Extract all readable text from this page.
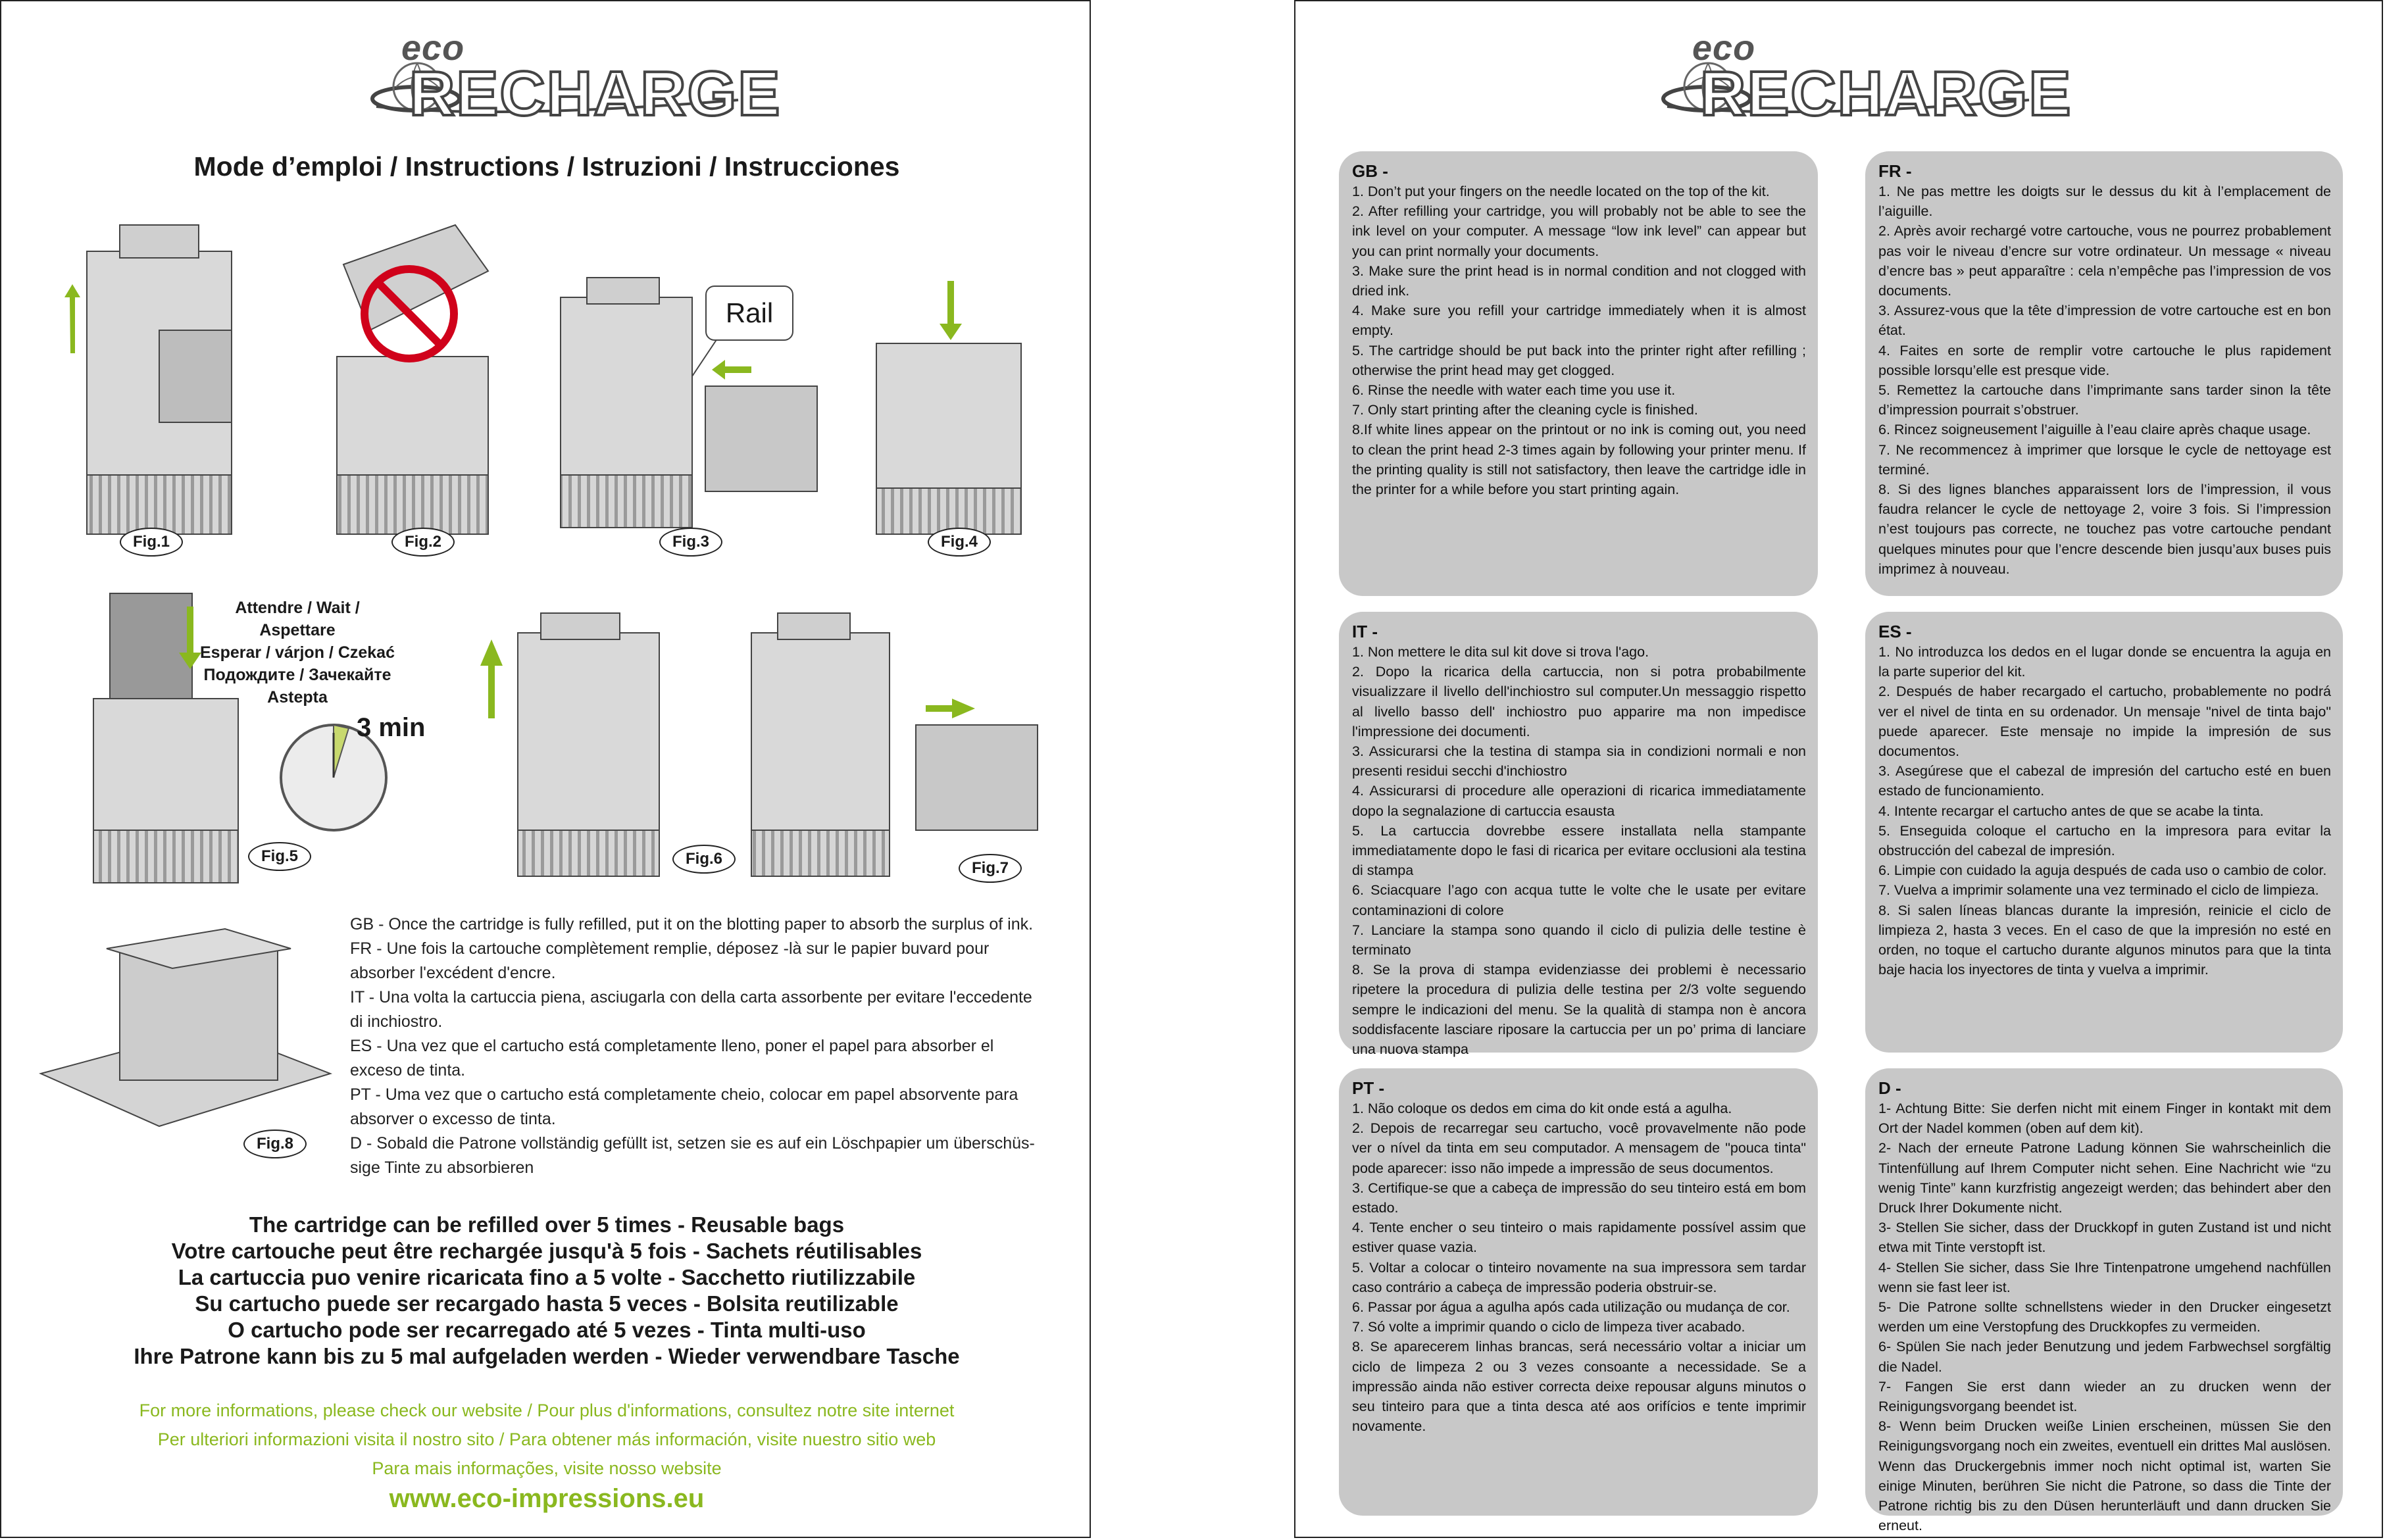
eco
RECHARGE
Mode d’emploi / Instructions / Istruzioni / Instrucciones
Rail
Fig.1	Fig.2	Fig.3	Fig.4
Fig.5	Fig.6
Fig.7
Fig.8
Attendre / Wait / Aspettare
Esperar / várjon / Czekać
Подождите / Зачекайте
Astepta
3 min
GB - Once the cartridge is fully refilled, put it on the blotting paper to absorb the surplus of ink.
FR - Une fois la cartouche complètement remplie, déposez -là sur le papier buvard pour
absorber l'excédent d'encre.
IT - Una volta la cartuccia piena, asciugarla con della carta assorbente per evitare l'eccedente
di inchiostro.
ES - Una vez que el cartucho está completamente lleno, poner el papel para absorber el
exceso de tinta.
PT - Uma vez que o cartucho está completamente cheio, colocar em papel absorvente para
absorver o excesso de tinta.
D - Sobald die Patrone vollständig gefüllt ist, setzen sie es auf ein Löschpapier um überschüs-
sige Tinte zu absorbieren
The cartridge can be refilled over 5 times - Reusable bags
Votre cartouche peut être rechargée jusqu'à 5 fois - Sachets réutilisables
La cartuccia puo venire ricaricata fino a 5 volte - Sacchetto riutilizzabile
Su cartucho puede ser recargado hasta 5 veces - Bolsita reutilizable
O cartucho pode ser recarregado até 5 vezes - Tinta multi-uso
Ihre Patrone kann bis zu 5 mal aufgeladen werden - Wieder verwendbare Tasche
For more informations, please check our website / Pour plus d'informations, consultez notre site internet
Per ulteriori informazioni visita il nostro sito / Para obtener más información, visite nuestro sitio web
Para mais informações, visite nosso website
www.eco-impressions.eu
eco
RECHARGE
GB -
1. Don’t put your fingers on the needle located on the top of the kit.
2. After refilling your cartridge, you will probably not be able to see the ink level on your computer. A message “low ink level” can appear but you can print normally your documents.
3. Make sure the print head is in normal condition and not clogged with dried ink.
4. Make sure you refill your cartridge immediately when it is almost empty.
5. The cartridge should be put back into the printer right after refilling ; otherwise the print head may get clogged.
6. Rinse the needle with water each time you use it.
7. Only start printing after the cleaning cycle is finished.
8.If white lines appear on the printout or no ink is coming out, you need to clean the print head 2-3 times again by following your printer menu. If the printing quality is still not satisfactory, then leave the cartridge idle in the printer for a while before you start printing again.
FR -
1. Ne pas mettre les doigts sur le dessus du kit à l’emplacement de l’aiguille.
2. Après avoir rechargé votre cartouche, vous ne pourrez probablement pas voir le niveau d’encre sur votre ordinateur. Un message « niveau d’encre bas » peut apparaître : cela n’empêche pas l’impression de vos documents.
3. Assurez-vous que la tête d’impression de votre cartouche est en bon état.
4. Faites en sorte de remplir votre cartouche le plus rapidement possible lorsqu’elle est presque vide.
5. Remettez la cartouche dans l’imprimante sans tarder sinon la tête d’impression pourrait s’obstruer.
6. Rincez soigneusement l’aiguille à l’eau claire après chaque usage.
7. Ne recommencez à imprimer que lorsque le cycle de nettoyage est terminé.
8. Si des lignes blanches apparaissent lors de l’impression, il vous faudra relancer le cycle de nettoyage 2, voire 3 fois. Si l’impression n’est toujours pas correcte, ne touchez pas votre cartouche pendant quelques minutes pour que l’encre descende bien jusqu’aux buses puis imprimez à nouveau.
IT -
1. Non mettere le dita sul kit dove si trova l'ago.
2. Dopo la ricarica della cartuccia, non si potra probabilmente visualizzare il livello dell'inchiostro sul computer.Un messaggio rispetto al livello basso dell' inchiostro puo apparire ma non impedisce l'impressione dei documenti.
3. Assicurarsi che la testina di stampa sia in condizioni normali e non presenti residui secchi d'inchiostro
4. Assicurarsi di procedure alle operazioni di ricarica immediatamente dopo la segnalazione di cartuccia esausta
5. La cartuccia dovrebbe essere installata nella stampante immediatamente dopo le fasi di ricarica per evitare occlusioni ala testina di stampa
6. Sciacquare l’ago con acqua tutte le volte che le usate per evitare contaminazioni di colore
7. Lanciare la stampa sono quando il ciclo di pulizia delle testine è terminato
8. Se la prova di stampa evidenziasse dei problemi è necessario ripetere la procedura di pulizia delle testina per 2/3 volte seguendo sempre le indicazioni del menu. Se la qualità di stampa non è ancora soddisfacente lasciare riposare la cartuccia per un po’ prima di lanciare una nuova stampa
ES -
1. No introduzca los dedos en el lugar donde se encuentra la aguja en la parte superior del kit.
2. Después de haber recargado el cartucho, probablemente no podrá ver el nivel de tinta en su ordenador. Un mensaje "nivel de tinta bajo" puede aparecer. Este mensaje no impide la impresión de sus documentos.
3. Asegúrese que el cabezal de impresión del cartucho esté en buen estado de funcionamiento.
4. Intente recargar el cartucho antes de que se acabe la tinta.
5. Enseguida coloque el cartucho en la impresora para evitar la obstrucción del cabezal de impresión.
6. Limpie con cuidado la aguja después de cada uso o cambio de color.
7. Vuelva a imprimir solamente una vez terminado el ciclo de limpieza.
8. Si salen líneas blancas durante la impresión, reinicie el ciclo de limpieza 2, hasta 3 veces. En el caso de que la impresión no esté en orden, no toque el cartucho durante algunos minutos para que la tinta baje hacia los inyectores de tinta y vuelva a imprimir.
PT -
1. Não coloque os dedos em cima do kit onde está a agulha.
2. Depois de recarregar seu cartucho, você provavelmente não pode ver o nível da tinta em seu computador. A mensagem de "pouca tinta" pode aparecer: isso não impede a impressão de seus documentos.
3. Certifique-se que a cabeça de impressão do seu tinteiro está em bom estado.
4. Tente encher o seu tinteiro o mais rapidamente possível assim que estiver quase vazia.
5. Voltar a colocar o tinteiro novamente na sua impressora sem tardar caso contrário a cabeça de impressão poderia obstruir-se.
6. Passar por água a agulha após cada utilização ou mudança de cor.
7. Só volte a imprimir quando o ciclo de limpeza tiver acabado.
8. Se aparecerem linhas brancas, será necessário voltar a iniciar um ciclo de limpeza 2 ou 3 vezes consoante a necessidade. Se a impressão ainda não estiver correcta deixe repousar alguns minutos o seu tinteiro para que a tinta desca até aos orifícios e tente imprimir novamente.
D -
1- Achtung Bitte: Sie derfen nicht mit einem Finger in kontakt mit dem Ort der Nadel kommen (oben auf dem kit).
2- Nach der erneute Patrone Ladung können Sie wahrscheinlich die Tintenfüllung auf Ihrem Computer nicht sehen. Eine Nachricht wie “zu wenig Tinte” kann kurzfristig angezeigt werden; das behindert aber den Druck Ihrer Dokumente nicht.
3- Stellen Sie sicher, dass der Druckkopf in guten Zustand ist und nicht etwa mit Tinte verstopft ist.
4- Stellen Sie sicher, dass Sie Ihre Tintenpatrone umgehend nachfüllen wenn sie fast leer ist.
5- Die Patrone sollte schnellstens wieder in den Drucker eingesetzt werden um eine Verstopfung des Druckkopfes zu vermeiden.
6- Spülen Sie nach jeder Benutzung und jedem Farbwechsel sorgfältig die Nadel.
7- Fangen Sie erst dann wieder an zu drucken wenn der Reinigungsvorgang beendet ist.
8- Wenn beim Drucken weiße Linien erscheinen, müssen Sie den Reinigungsvorgang noch ein zweites, eventuell ein drittes Mal auslösen. Wenn das Druckergebnis immer noch nicht optimal ist, warten Sie einige Minuten, berühren Sie nicht die Patrone, so dass die Tinte der Patrone richtig bis zu den Düsen herunterläuft und dann drucken Sie erneut.
